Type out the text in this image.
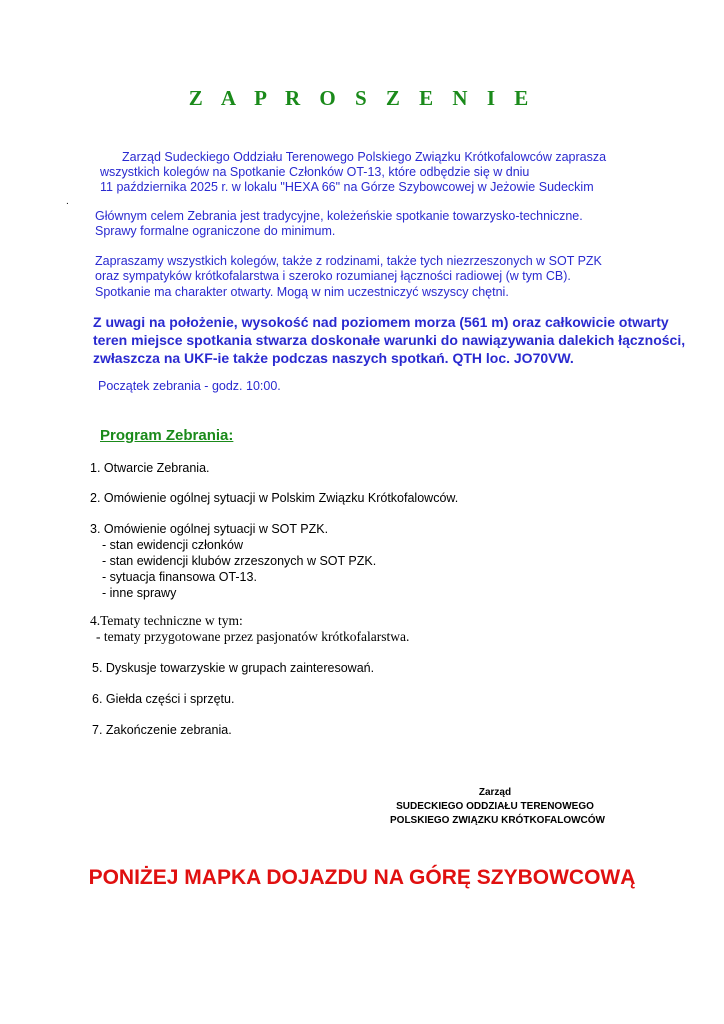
Z A P R O S Z E N I E
Zarząd Sudeckiego Oddziału Terenowego Polskiego Związku Krótkofalowców zaprasza
wszystkich kolegów na Spotkanie Członków OT-13, które odbędzie się w dniu
11 października 2025 r. w lokalu "HEXA 66" na Górze Szybowcowej w Jeżowie Sudeckim
.
Głównym celem Zebrania jest tradycyjne, koleżeńskie spotkanie towarzysko-techniczne.
Sprawy formalne ograniczone do minimum.
Zapraszamy wszystkich kolegów, także z rodzinami, także tych niezrzeszonych w SOT PZK
oraz sympatyków krótkofalarstwa i szeroko rozumianej łączności radiowej (w tym CB).
Spotkanie ma charakter otwarty. Mogą w nim uczestniczyć wszyscy chętni.
Z uwagi na położenie, wysokość nad poziomem morza (561 m) oraz całkowicie otwarty
teren miejsce spotkania stwarza doskonałe warunki do nawiązywania dalekich łączności,
zwłaszcza na UKF-ie także podczas naszych spotkań. QTH loc. JO70VW.
Początek zebrania - godz. 10:00.
Program Zebrania:
1. Otwarcie Zebrania.
2. Omówienie ogólnej sytuacji w Polskim Związku Krótkofalowców.
3. Omówienie ogólnej sytuacji w SOT PZK.
- stan ewidencji członków
- stan ewidencji klubów zrzeszonych w SOT PZK.
- sytuacja finansowa OT-13.
- inne sprawy
4.Tematy techniczne w tym:
- tematy przygotowane przez pasjonatów krótkofalarstwa.
5. Dyskusje towarzyskie w grupach zainteresowań.
6. Giełda części i sprzętu.
7. Zakończenie zebrania.
Zarząd
SUDECKIEGO ODDZIAŁU TERENOWEGO
POLSKIEGO ZWIĄZKU KRÓTKOFALOWCÓW
PONIŻEJ MAPKA DOJAZDU NA GÓRĘ SZYBOWCOWĄ
